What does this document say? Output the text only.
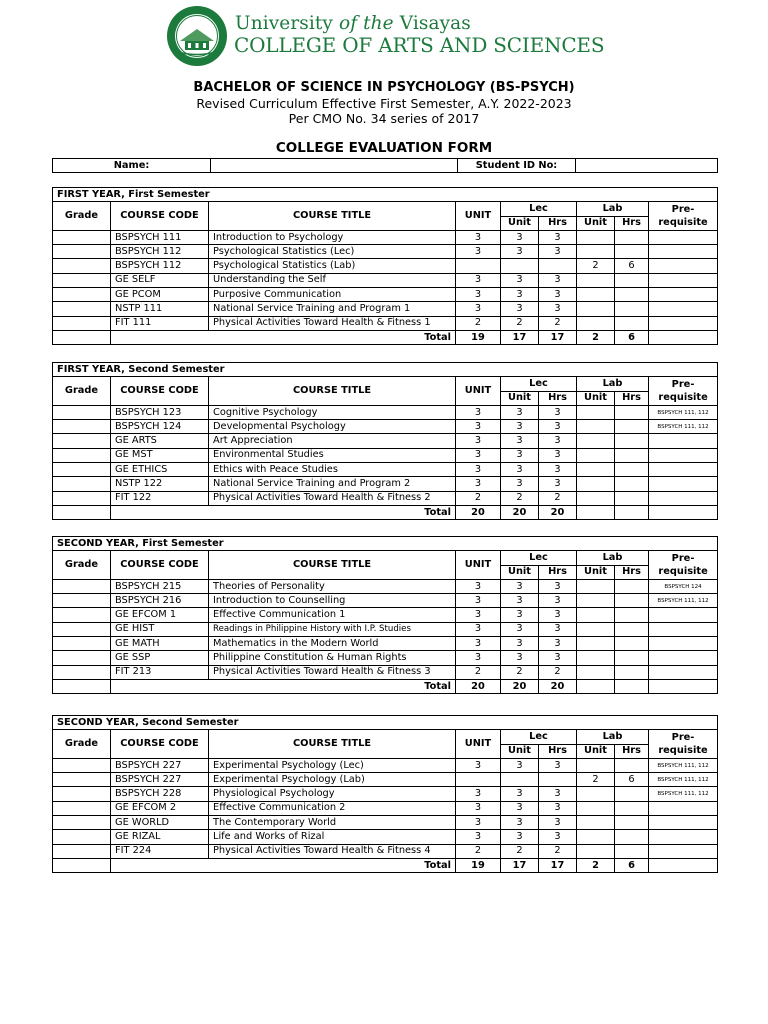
University of the Visayas
COLLEGE OF ARTS AND SCIENCES
BACHELOR OF SCIENCE IN PSYCHOLOGY (BS-PSYCH)
Revised Curriculum Effective First Semester, A.Y. 2022-2023
Per CMO No. 34 series of 2017
COLLEGE EVALUATION FORM
Name:		Student ID No:	
FIRST YEAR, First Semester								
Grade	COURSE CODE	COURSE TITLE	UNIT	Lec		Lab		Pre-requisite
				Unit	Hrs	Unit	Hrs	
	BSPSYCH 111	Introduction to Psychology	3	3	3			
	BSPSYCH 112	Psychological Statistics (Lec)	3	3	3			
	BSPSYCH 112	Psychological Statistics (Lab)				2	6	
	GE SELF	Understanding the Self	3	3	3			
	GE PCOM	Purposive Communication	3	3	3			
	NSTP 111	National Service Training and Program 1	3	3	3			
	FIT 111	Physical Activities Toward Health & Fitness 1	2	2	2			
	Total		19	17	17	2	6	
FIRST YEAR, Second Semester								
Grade	COURSE CODE	COURSE TITLE	UNIT	Lec		Lab		Pre-requisite
				Unit	Hrs	Unit	Hrs	
	BSPSYCH 123	Cognitive Psychology	3	3	3			BSPSYCH 111, 112
	BSPSYCH 124	Developmental Psychology	3	3	3			BSPSYCH 111, 112
	GE ARTS	Art Appreciation	3	3	3			
	GE MST	Environmental Studies	3	3	3			
	GE ETHICS	Ethics with Peace Studies	3	3	3			
	NSTP 122	National Service Training and Program 2	3	3	3			
	FIT 122	Physical Activities Toward Health & Fitness 2	2	2	2			
	Total		20	20	20			
SECOND YEAR, First Semester								
Grade	COURSE CODE	COURSE TITLE	UNIT	Lec		Lab		Pre-requisite
				Unit	Hrs	Unit	Hrs	
	BSPSYCH 215	Theories of Personality	3	3	3			BSPSYCH 124
	BSPSYCH 216	Introduction to Counselling	3	3	3			BSPSYCH 111, 112
	GE EFCOM 1	Effective Communication 1	3	3	3			
	GE HIST	Readings in Philippine History with I.P. Studies	3	3	3			
	GE MATH	Mathematics in the Modern World	3	3	3			
	GE SSP	Philippine Constitution & Human Rights	3	3	3			
	FIT 213	Physical Activities Toward Health & Fitness 3	2	2	2			
	Total		20	20	20			
SECOND YEAR, Second Semester								
Grade	COURSE CODE	COURSE TITLE	UNIT	Lec		Lab		Pre-requisite
				Unit	Hrs	Unit	Hrs	
	BSPSYCH 227	Experimental Psychology (Lec)	3	3	3			BSPSYCH 111, 112
	BSPSYCH 227	Experimental Psychology (Lab)				2	6	BSPSYCH 111, 112
	BSPSYCH 228	Physiological Psychology	3	3	3			BSPSYCH 111, 112
	GE EFCOM 2	Effective Communication 2	3	3	3			
	GE WORLD	The Contemporary World	3	3	3			
	GE RIZAL	Life and Works of Rizal	3	3	3			
	FIT 224	Physical Activities Toward Health & Fitness 4	2	2	2			
	Total		19	17	17	2	6	
